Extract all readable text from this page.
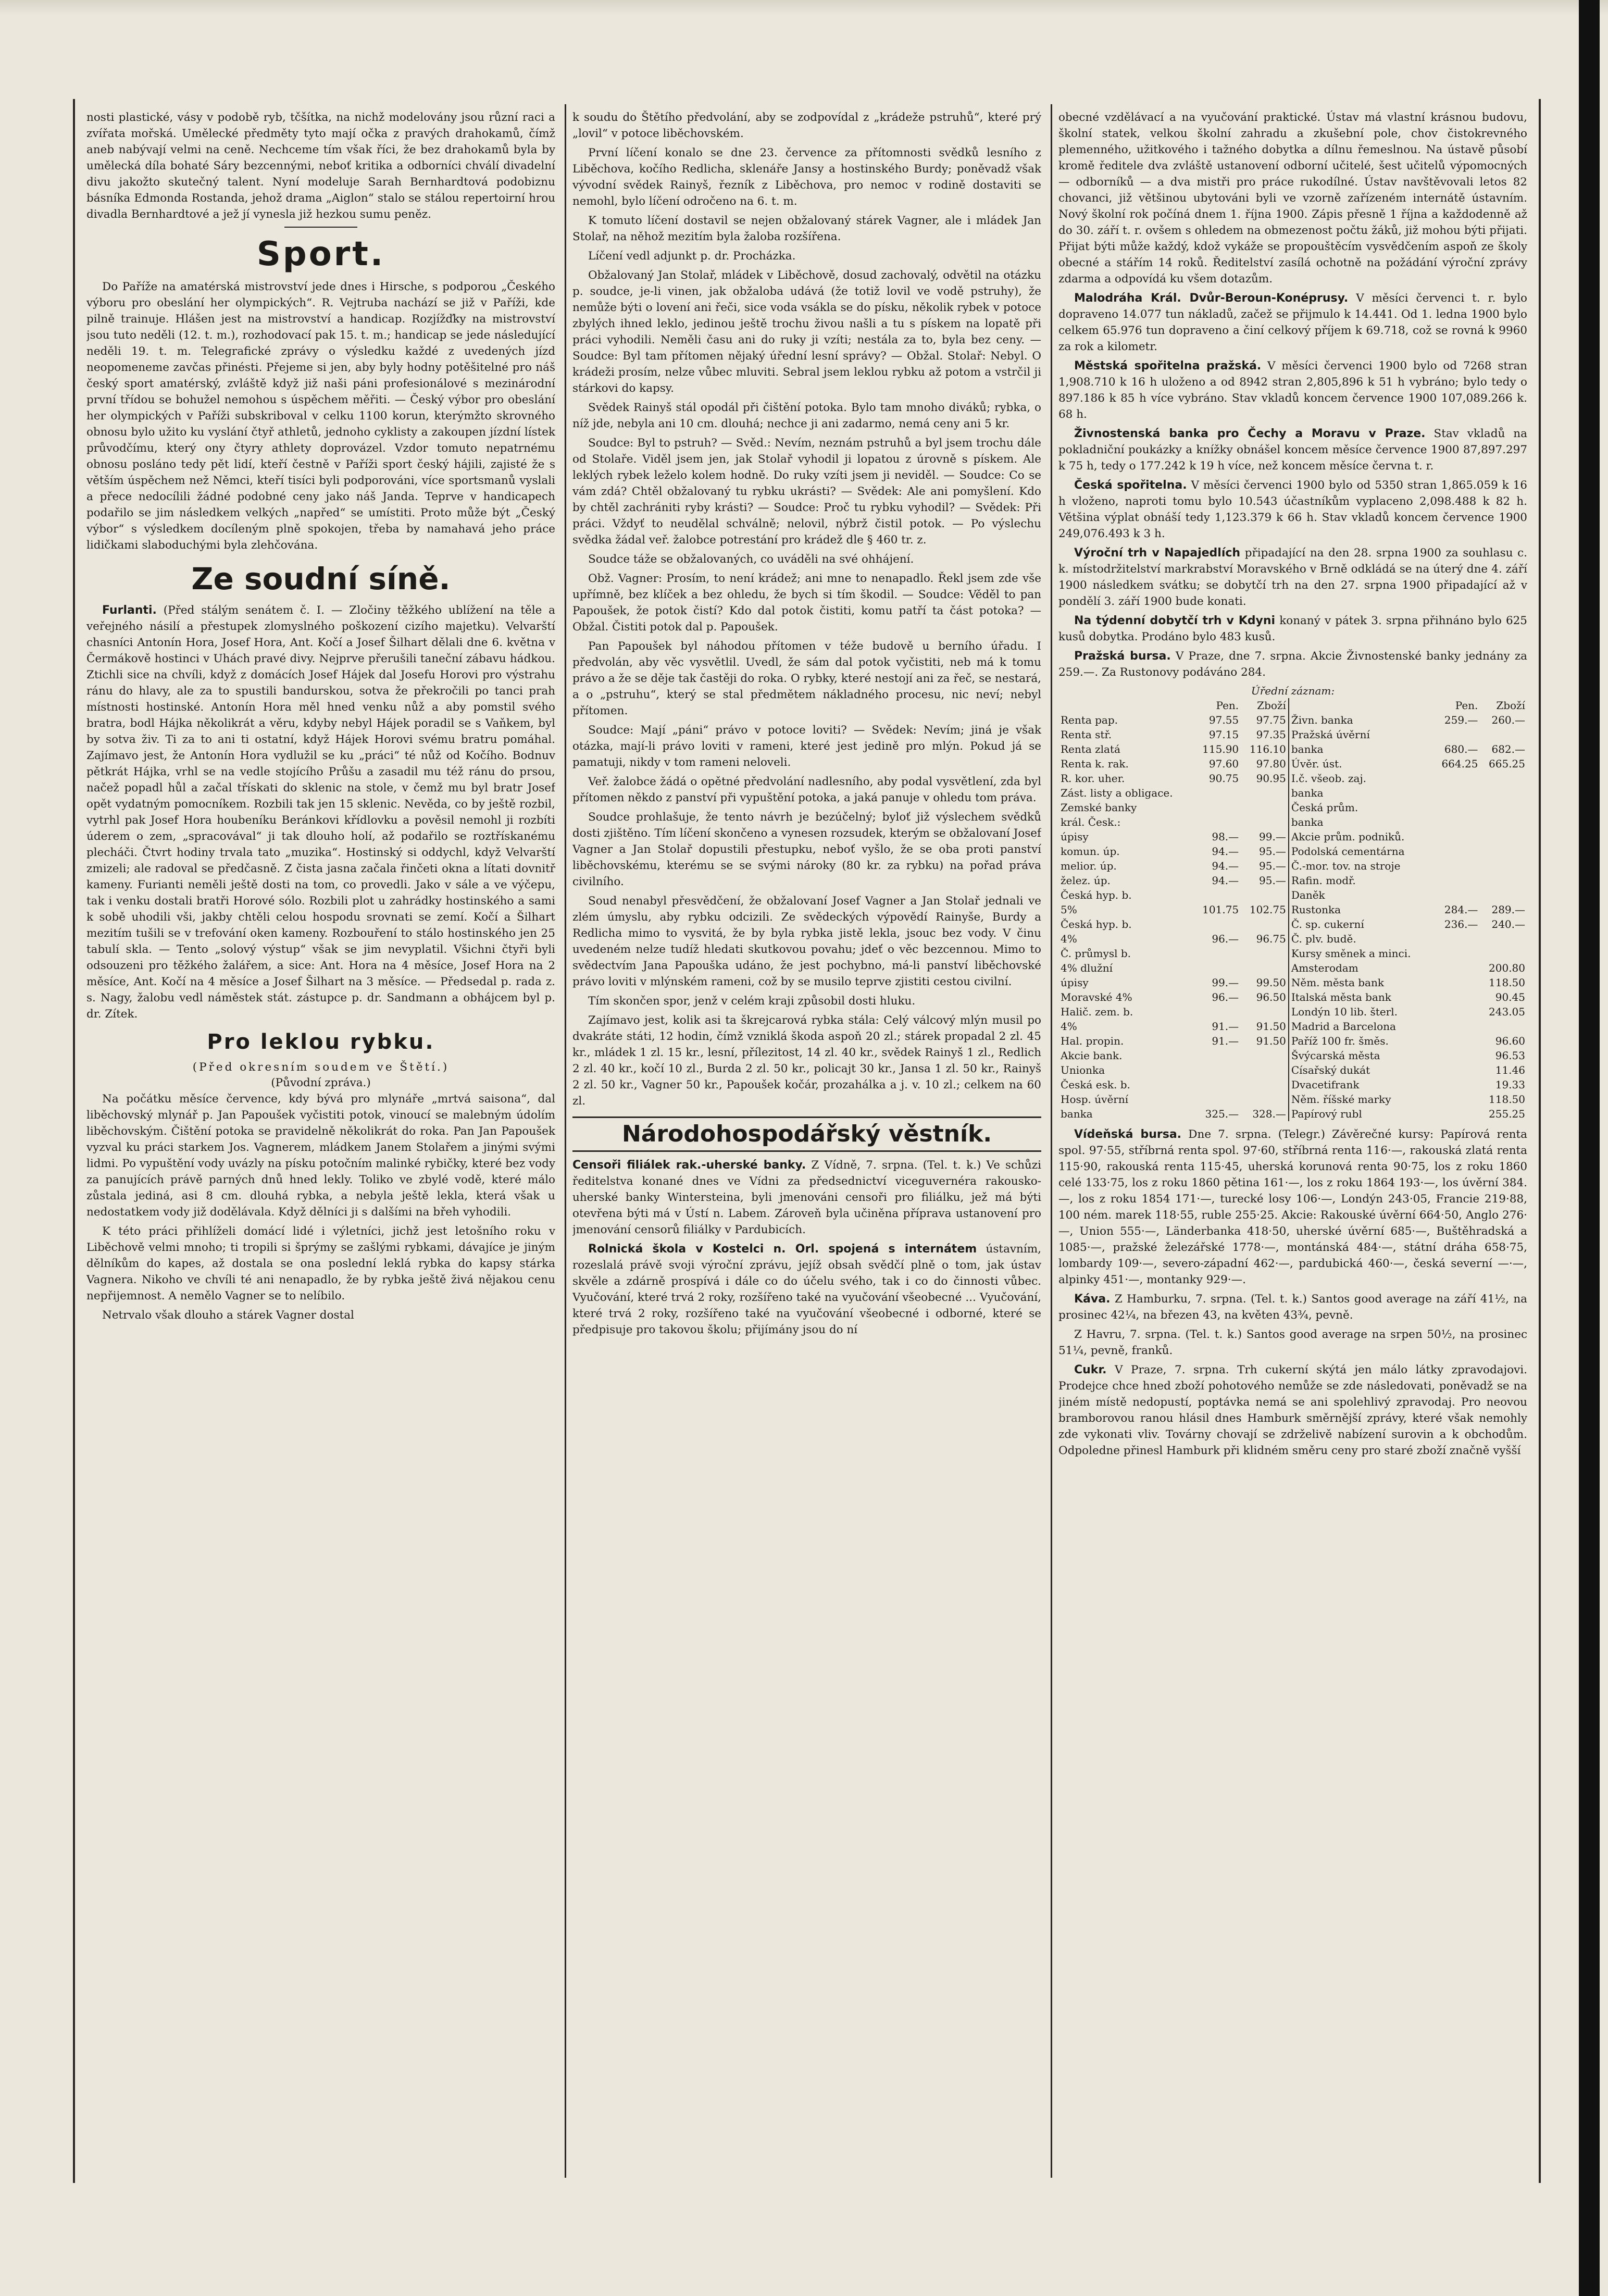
nosti plastické, vásy v podobě ryb, tčšítka, na nichž modelovány jsou různí raci a zvířata mořská. Umělecké předměty tyto mají očka z pravých drahokamů, čímž aneb nabývají velmi na ceně. Nechceme tím však říci, že bez drahokamů byla by umělecká díla bohaté Sáry bezcennými, neboť kritika a odborníci chválí divadelní divu jakožto skutečný talent. Nyní modeluje Sarah Bernhardtová podobiznu básníka Edmonda Rostanda, jehož drama „Aiglon“ stalo se stálou repertoirní hrou divadla Bernhardtové a jež jí vynesla již hezkou sumu peněz.

Sport.

Do Paříže na amatérská mistrovství jede dnes i Hirsche, s podporou „Českého výboru pro obeslání her olympických“. R. Vejtruba nachází se již v Paříži, kde pilně trainuje. Hlášen jest na mistrovství a handicap. Rozjížďky na mistrovství jsou tuto neděli (12. t. m.), rozhodovací pak 15. t. m.; handicap se jede následující neděli 19. t. m. Telegrafické zprávy o výsledku každé z uvedených jízd neopomeneme zavčas přinésti. Přejeme si jen, aby byly hodny potěšitelné pro náš český sport amatérský, zvláště když již naši páni profesionálové s mezinárodní první třídou se bohužel nemohou s úspěchem měřiti. — Český výbor pro obeslání her olympických v Paříži subskriboval v celku 1100 korun, kterýmžto skrovného obnosu bylo užito ku vyslání čtyř athletů, jednoho cyklisty a zakoupen jízdní lístek průvodčímu, který ony čtyry athlety doprovázel. Vzdor tomuto nepatrnému obnosu posláno tedy pět lidí, kteří čestně v Paříži sport český hájili, zajisté že s větším úspěchem než Němci, kteří tisíci byli podporováni, více sportsmanů vyslali a přece nedocílili žádné podobné ceny jako náš Janda. Teprve v handicapech podařilo se jim následkem velkých „napřed“ se umístiti. Proto může být „Český výbor“ s výsledkem docíleným plně spokojen, třeba by namahavá jeho práce lidičkami slaboduchými byla zlehčována.

Ze soudní síně.

Furlanti. (Před stálým senátem č. I. — Zločiny těžkého ublížení na těle a veřejného násilí a přestupek zlomyslného poškození cizího majetku). Velvarští chasníci Antonín Hora, Josef Hora, Ant. Kočí a Josef Šilhart dělali dne 6. května v Čermákově hostinci v Uhách pravé divy. Nejprve přerušili taneční zábavu hádkou. Ztichli sice na chvíli, když z domácích Josef Hájek dal Josefu Horovi pro výstrahu ránu do hlavy, ale za to spustili bandurskou, sotva že překročili po tanci prah místnosti hostinské. Antonín Hora měl hned venku nůž a aby pomstil svého bratra, bodl Hájka několikrát a věru, kdyby nebyl Hájek poradil se s Vaňkem, byl by sotva živ. Ti za to ani ti ostatní, když Hájek Horovi svému bratru pomáhal. Zajímavo jest, že Antonín Hora vydlužil se ku „práci“ té nůž od Kočího. Bodnuv pětkrát Hájka, vrhl se na vedle stojícího Průšu a zasadil mu též ránu do prsou, načež popadl hůl a začal třískati do sklenic na stole, v čemž mu byl bratr Josef opět vydatným pomocníkem. Rozbili tak jen 15 sklenic. Nevěda, co by ještě rozbil, vytrhl pak Josef Hora houbeníku Beránkovi křídlovku a pověsil nemohl ji rozbíti úderem o zem, „spracovával“ ji tak dlouho holí, až podařilo se roztřískanému plecháči. Čtvrt hodiny trvala tato „muzika“. Hostinský si oddychl, když Velvarští zmizeli; ale radoval se předčasně. Z čista jasna začala řinčeti okna a lítati dovnitř kameny. Furianti neměli ještě dosti na tom, co provedli. Jako v sále a ve výčepu, tak i venku dostali bratři Horové sólo. Rozbili plot u zahrádky hostinského a sami k sobě uhodili vši, jakby chtěli celou hospodu srovnati se zemí. Kočí a Šilhart mezitím tušili se v trefování oken kameny. Rozbouření to stálo hostinského jen 25 tabulí skla. — Tento „solový výstup“ však se jim nevyplatil. Všichni čtyři byli odsouzeni pro těžkého žalářem, a sice: Ant. Hora na 4 měsíce, Josef Hora na 2 měsíce, Ant. Kočí na 4 měsíce a Josef Šilhart na 3 měsíce. — Předsedal p. rada z. s. Nagy, žalobu vedl náměstek stát. zástupce p. dr. Sandmann a obhájcem byl p. dr. Zítek.

Pro leklou rybku.
(Před okresním soudem ve Štětí.)
(Původní zpráva.)

Na počátku měsíce července, kdy bývá pro mlynáře „mrtvá saisona“, dal liběchovský mlynář p. Jan Papoušek vyčistiti potok, vinoucí se malebným údolím liběchovským. Čištění potoka se pravidelně několikrát do roka. Pan Jan Papoušek vyzval ku práci starkem Jos. Vagnerem, mládkem Janem Stolařem a jinými svými lidmi. Po vypuštění vody uvázly na písku potočním malinké rybičky, které bez vody za panujících právě parných dnů hned lekly. Toliko ve zbylé vodě, které málo zůstala jediná, asi 8 cm. dlouhá rybka, a nebyla ještě lekla, která však u nedostatkem vody již dodělávala. Když dělníci ji s dalšími na břeh vyhodili.

K této práci přihlíželi domácí lidé i výletníci, jichž jest letošního roku v Liběchově velmi mnoho; ti tropili si šprýmy se zašlými rybkami, dávajíce je jiným dělníkům do kapes, až dostala se ona poslední leklá rybka do kapsy stárka Vagnera. Nikoho ve chvíli té ani nenapadlo, že by rybka ještě živá nějakou cenu nepřijemnost. A nemělo Vagner se to nelíbilo.

Netrvalo však dlouho a stárek Vagner dostal

k soudu do Štětího předvolání, aby se zodpovídal z „krádeže pstruhů“, které prý „lovil“ v potoce liběchovském.

První líčení konalo se dne 23. července za přítomnosti svědků lesního z Liběchova, kočího Redlicha, sklenáře Jansy a hostinského Burdy; poněvadž však vývodní svědek Rainyš, řezník z Liběchova, pro nemoc v rodině dostaviti se nemohl, bylo líčení odročeno na 6. t. m.

K tomuto líčení dostavil se nejen obžalovaný stárek Vagner, ale i mládek Jan Stolař, na něhož mezitím byla žaloba rozšířena.

Líčení vedl adjunkt p. dr. Procházka.

Obžalovaný Jan Stolař, mládek v Liběchově, dosud zachovalý, odvětil na otázku p. soudce, je-li vinen, jak obžaloba udává (že totiž lovil ve vodě pstruhy), že nemůže býti o lovení ani řeči, sice voda vsákla se do písku, několik rybek v potoce zbylých ihned leklo, jedinou ještě trochu živou našli a tu s pískem na lopatě při práci vyhodili. Neměli času ani do ruky ji vzíti; nestála za to, byla bez ceny. — Soudce: Byl tam přítomen nějaký úřední lesní správy? — Obžal. Stolař: Nebyl. O krádeži prosím, nelze vůbec mluviti. Sebral jsem leklou rybku až potom a vstrčil ji stárkovi do kapsy.

Svědek Rainyš stál opodál při čištění potoka. Bylo tam mnoho diváků; rybka, o níž jde, nebyla ani 10 cm. dlouhá; nechce ji ani zadarmo, nemá ceny ani 5 kr.

Soudce: Byl to pstruh? — Svěd.: Nevím, neznám pstruhů a byl jsem trochu dále od Stolaře. Viděl jsem jen, jak Stolař vyhodil ji lopatou z úrovně s pískem. Ale leklých rybek leželo kolem hodně. Do ruky vzíti jsem ji neviděl. — Soudce: Co se vám zdá? Chtěl obžalovaný tu rybku ukrásti? — Svědek: Ale ani pomyšlení. Kdo by chtěl zachrániti ryby krásti? — Soudce: Proč tu rybku vyhodil? — Svědek: Při práci. Vždyť to neudělal schválně; nelovil, nýbrž čistil potok. — Po výslechu svědka žádal veř. žalobce potrestání pro krádež dle § 460 tr. z.

Soudce táže se obžalovaných, co uváděli na své ohhájení.

Obž. Vagner: Prosím, to není krádež; ani mne to nenapadlo. Řekl jsem zde vše upřímně, bez klíček a bez ohledu, že bych si tím škodil. — Soudce: Věděl to pan Papoušek, že potok čistí? Kdo dal potok čistiti, komu patří ta část potoka? — Obžal. Čistiti potok dal p. Papoušek.

Pan Papoušek byl náhodou přítomen v téže budově u berního úřadu. I předvolán, aby věc vysvětlil. Uvedl, že sám dal potok vyčistiti, neb má k tomu právo a že se děje tak častěji do roka. O rybky, které nestojí ani za řeč, se nestará, a o „pstruhu“, který se stal předmětem nákladného procesu, nic neví; nebyl přítomen.

Soudce: Mají „páni“ právo v potoce loviti? — Svědek: Nevím; jiná je však otázka, mají-li právo loviti v rameni, které jest jedině pro mlýn. Pokud já se pamatuji, nikdy v tom rameni neloveli.

Veř. žalobce žádá o opětné předvolání nadlesního, aby podal vysvětlení, zda byl přítomen někdo z panství při vypuštění potoka, a jaká panuje v ohledu tom práva.

Soudce prohlašuje, že tento návrh je bezúčelný; byloť již výslechem svědků dosti zjištěno. Tím líčení skončeno a vynesen rozsudek, kterým se obžalovaní Josef Vagner a Jan Stolař dopustili přestupku, neboť vyšlo, že se oba proti panství liběchovskému, kterému se se svými nároky (80 kr. za rybku) na pořad práva civilního.

Soud nenabyl přesvědčení, že obžalovaní Josef Vagner a Jan Stolař jednali ve zlém úmyslu, aby rybku odcizili. Ze svědeckých výpovědí Rainyše, Burdy a Redlicha mimo to vysvitá, že by byla rybka jistě lekla, jsouc bez vody. V činu uvedeném nelze tudíž hledati skutkovou povahu; jdeť o věc bezcennou. Mimo to svědectvím Jana Papouška udáno, že jest pochybno, má-li panství liběchovské právo loviti v mlýnském rameni, což by se musilo teprve zjistiti cestou civilní.

Tím skončen spor, jenž v celém kraji způsobil dosti hluku.

Zajímavo jest, kolik asi ta škrejcarová rybka stála: Celý válcový mlýn musil po dvakráte státi, 12 hodin, čímž vzniklá škoda aspoň 20 zl.; stárek propadal 2 zl. 45 kr., mládek 1 zl. 15 kr., lesní, přílezitost, 14 zl. 40 kr., svědek Rainyš 1 zl., Redlich 2 zl. 40 kr., kočí 10 zl., Burda 2 zl. 50 kr., policajt 30 kr., Jansa 1 zl. 50 kr., Rainyš 2 zl. 50 kr., Vagner 50 kr., Papoušek kočár, prozahálka a j. v. 10 zl.; celkem na 60 zl.

Národohospodářský věstník.

Censoři filiálek rak.-uherské banky. Z Vídně, 7. srpna. (Tel. t. k.) Ve schůzi ředitelstva konané dnes ve Vídni za předsednictví viceguvernéra rakousko-uherské banky Wintersteina, byli jmenováni censoři pro filiálku, jež má býti otevřena býti má v Ústí n. Labem. Zároveň byla učiněna příprava ustanovení pro jmenování censorů filiálky v Pardubicích.

Rolnická škola v Kostelci n. Orl. spojená s internátem ústavním, rozeslalá právě svoji výroční zprávu, jejíž obsah svědčí plně o tom, jak ústav skvěle a zdárně prospívá i dále co do účelu svého, tak i co do činnosti vůbec. Vyučování, které trvá 2 roky, rozšířeno také na vyučování všeobecné ... Vyučování, které trvá 2 roky, rozšířeno také na vyučování všeobecné i odborné, které se předpisuje pro takovou školu; přijímány jsou do ní

obecné vzdělávací a na vyučování praktické. Ústav má vlastní krásnou budovu, školní statek, velkou školní zahradu a zkušební pole, chov čistokrevného plemenného, užitkového i tažného dobytka a dílnu řemeslnou. Na ústavě působí kromě ředitele dva zvláště ustanovení odborní učitelé, šest učitelů výpomocných — odborníků — a dva mistři pro práce rukodílné. Ústav navštěvovali letos 82 chovanci, již většinou ubytováni byli ve vzorně zařízeném internátě ústavním. Nový školní rok počíná dnem 1. října 1900. Zápis přesně 1 října a každodenně až do 30. září t. r. ovšem s ohledem na obmezenost počtu žáků, již mohou býti přijati. Přijat býti může každý, kdož vykáže se propouštěcím vysvědčením aspoň ze školy obecné a stářím 14 roků. Ředitelství zasílá ochotně na požádání výroční zprávy zdarma a odpovídá ku všem dotazům.

Malodráha Král. Dvůr-Beroun-Konéprusy. V měsíci červenci t. r. bylo dopraveno 14.077 tun nákladů, začež se přijmulo k 14.441. Od 1. ledna 1900 bylo celkem 65.976 tun dopraveno a činí celkový příjem k 69.718, což se rovná k 9960 za rok a kilometr.

Městská spořitelna pražská. V měsíci červenci 1900 bylo od 7268 stran 1,908.710 k 16 h uloženo a od 8942 stran 2,805,896 k 51 h vybráno; bylo tedy o 897.186 k 85 h více vybráno. Stav vkladů koncem července 1900 107,089.266 k. 68 h.

Živnostenská banka pro Čechy a Moravu v Praze. Stav vkladů na pokladniční poukázky a knížky obnášel koncem měsíce července 1900 87,897.297 k 75 h, tedy o 177.242 k 19 h více, než koncem měsíce června t. r.

Česká spořitelna. V měsíci červenci 1900 bylo od 5350 stran 1,865.059 k 16 h vloženo, naproti tomu bylo 10.543 účastníkům vyplaceno 2,098.488 k 82 h. Většina výplat obnáší tedy 1,123.379 k 66 h. Stav vkladů koncem července 1900 249,076.493 k 3 h.

Výroční trh v Napajedlích připadající na den 28. srpna 1900 za souhlasu c. k. místodržitelství markrabství Moravského v Brně odkládá se na úterý dne 4. září 1900 následkem svátku; se dobytčí trh na den 27. srpna 1900 připadající až v pondělí 3. září 1900 bude konati.

Na týdenní dobytčí trh v Kdyni konaný v pátek 3. srpna přihnáno bylo 625 kusů dobytka. Prodáno bylo 483 kusů.

Pražská bursa. V Praze, dne 7. srpna. Akcie Živnostenské banky jednány za 259.—. Za Rustonovy podáváno 284.

Úřední záznam:					
	Pen.	Zboží		Pen.	Zboží
Renta pap.	97.55	97.75	Živn. banka	259.—	260.—
Renta stř.	97.15	97.35	Pražská úvěrní		
Renta zlatá	115.90	116.10	banka	680.—	682.—
Renta k. rak.	97.60	97.80	Úvěr. úst.	664.25	665.25
R. kor. uher.	90.75	90.95	I.č. všeob. zaj.		
Zást. listy a obligace.			banka		
Zemské banky			Česká prům.		
král. Česk.:			banka		
úpisy	98.—	99.—	Akcie prům. podniků.		
komun. úp.	94.—	95.—	Podolská cementárna		
melior. úp.	94.—	95.—	Č.-mor. tov. na stroje		
želez. úp.	94.—	95.—	Rafin. modř.		
Česká hyp. b.			Daněk		
5%	101.75	102.75	Rustonka	284.—	289.—
Česká hyp. b.			Č. sp. cukerní	236.—	240.—
4%	96.—	96.75	Č. plv. budě.		
Č. průmysl b.			Kursy směnek a minci.		
4% dlužní			Amsterodam		200.80
úpisy	99.—	99.50	Něm. města bank		118.50
Moravské 4%	96.—	96.50	Italská města bank		90.45
Halič. zem. b.			Londýn 10 lib. šterl.		243.05
4%	91.—	91.50	Madrid a Barcelona		
Hal. propin.	91.—	91.50	Paříž 100 fr. šměs.		96.60
Akcie bank.			Švýcarská města		96.53
Unionka			Císařský dukát		11.46
Česká esk. b.			Dvacetifrank		19.33
Hosp. úvěrní			Něm. říšské marky		118.50
banka	325.—	328.—	Papírový rubl		255.25

Vídeňská bursa. Dne 7. srpna. (Telegr.) Závěrečné kursy: Papírová renta spol. 97·55, stříbrná renta spol. 97·60, stříbrná renta 116·—, rakouská zlatá renta 115·90, rakouská renta 115·45, uherská korunová renta 90·75, los z roku 1860 celé 133·75, los z roku 1860 pětina 161·—, los z roku 1864 193·—, los úvěrní 384.—, los z roku 1854 171·—, turecké losy 106·—, Londýn 243·05, Francie 219·88, 100 ném. marek 118·55, ruble 255·25. Akcie: Rakouské úvěrní 664·50, Anglo 276·—, Union 555·—, Länderbanka 418·50, uherské úvěrní 685·—, Buštěhradská a 1085·—, pražské železářské 1778·—, montánská 484·—, státní dráha 658·75, lombardy 109·—, severo-západní 462·—, pardubická 460·—, česká severní —·—, alpinky 451·—, montanky 929·—.

Káva. Z Hamburku, 7. srpna. (Tel. t. k.) Santos good average na září 41½, na prosinec 42¼, na březen 43, na květen 43¾, pevně.

Z Havru, 7. srpna. (Tel. t. k.) Santos good average na srpen 50½, na prosinec 51¼, pevně, franků.

Cukr. V Praze, 7. srpna. Trh cukerní skýtá jen málo látky zpravodajovi. Prodejce chce hned zboží pohotového nemůže se zde následovati, poněvadž se na jiném místě nedopustí, poptávka nemá se ani spolehlivý zpravodaj. Pro neovou bramborovou ranou hlásil dnes Hamburk směrnější zprávy, které však nemohly zde vykonati vliv. Továrny chovají se zdrželivě nabízení surovin a k obchodům. Odpoledne přinesl Hamburk při klidném směru ceny pro staré zboží značně vyšší
